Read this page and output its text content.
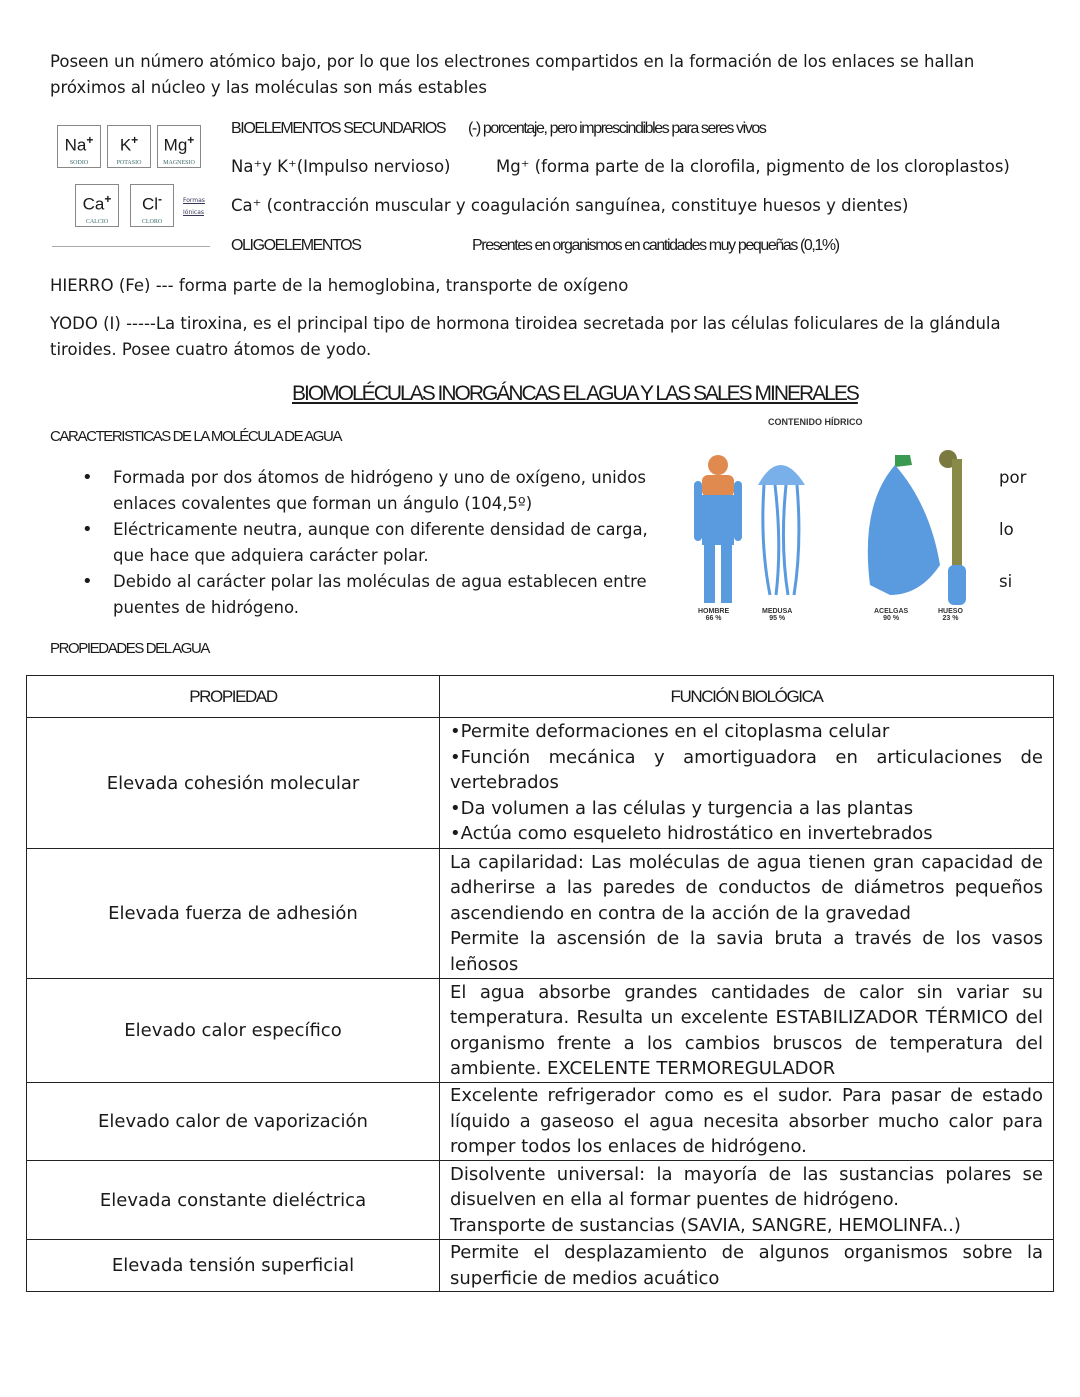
Poseen un número atómico bajo, por lo que los electrones compartidos en la formación de los enlaces se hallan
próximos al núcleo y las moléculas son más estables
Na+
SODIO
K+
POTASIO
Mg+
MAGNESIO
Ca+
CALCIO
Cl-
CLORO
Formas
Iónicas
BIOELEMENTOS SECUNDARIOS (-) porcentaje, pero imprescindibles para seres vivos
Na⁺y K⁺(Impulso nervioso)	Mg⁺ (forma parte de la clorofila, pigmento de los cloroplastos)
Ca⁺ (contracción muscular y coagulación sanguínea, constituye huesos y dientes)
OLIGOELEMENTOS	Presentes en organismos en cantidades muy pequeñas (0,1%)
HIERRO (Fe) --- forma parte de la hemoglobina, transporte de oxígeno
YODO (I) -----La tiroxina, es el principal tipo de hormona tiroidea secretada por las células foliculares de la glándula
tiroides. Posee cuatro átomos de yodo.
BIOMOLÉCULAS INORGÁNCAS EL AGUA Y LAS SALES MINERALES
CARACTERISTICAS DE LA MOLÉCULA DE AGUA
• Formada por dos átomos de hidrógeno y uno de oxígeno, unidos enlaces covalentes que forman un ángulo (104,5º)
• Eléctricamente neutra, aunque con diferente densidad de carga, que hace que adquiera carácter polar.
• Debido al carácter polar las moléculas de agua establecen entre puentes de hidrógeno.
por
lo
si
CONTENIDO HÍDRICO
HOMBRE
66 %
MEDUSA
95 %
ACELGAS
90 %
HUESO
23 %
PROPIEDADES DEL AGUA
PROPIEDAD	FUNCIÓN BIOLÓGICA
Elevada cohesión molecular	•Permite deformaciones en el citoplasma celular
•Función mecánica y amortiguadora en articulaciones de vertebrados
•Da volumen a las células y turgencia a las plantas
•Actúa como esqueleto hidrostático en invertebrados

Elevada fuerza de adhesión	La capilaridad: Las moléculas de agua tienen gran capacidad de adherirse a las paredes de conductos de diámetros pequeños ascendiendo en contra de la acción de la gravedad
Permite la ascensión de la savia bruta a través de los vasos leñosos

Elevado calor específico	El agua absorbe grandes cantidades de calor sin variar su temperatura. Resulta un excelente ESTABILIZADOR TÉRMICO del organismo frente a los cambios bruscos de temperatura del ambiente. EXCELENTE TERMOREGULADOR

Elevado calor de vaporización	Excelente refrigerador como es el sudor. Para pasar de estado líquido a gaseoso el agua necesita absorber mucho calor para romper todos los enlaces de hidrógeno.

Elevada constante dieléctrica	Disolvente universal: la mayoría de las sustancias polares se disuelven en ella al formar puentes de hidrógeno.
Transporte de sustancias (SAVIA, SANGRE, HEMOLINFA..)

Elevada tensión superficial	Permite el desplazamiento de algunos organismos sobre la superficie de medios acuático
